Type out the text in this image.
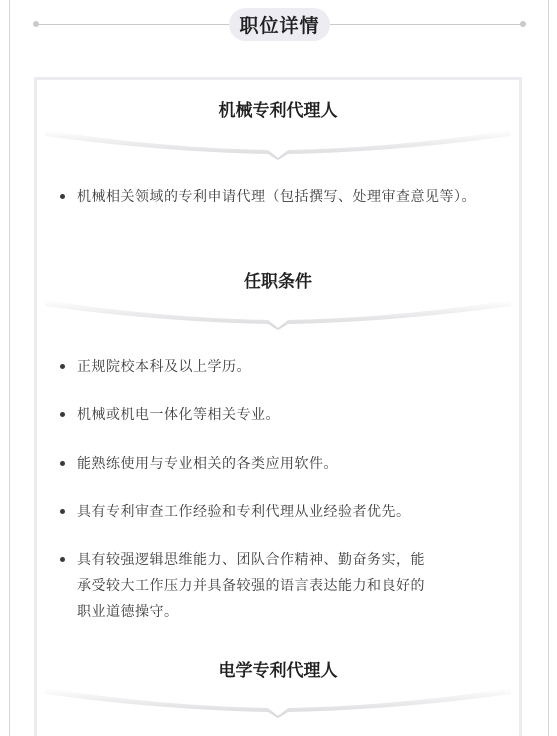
职位详情
机械专利代理人
机械相关领域的专利申请代理（包括撰写、处理审查意见等）。
任职条件
正规院校本科及以上学历。
机械或机电一体化等相关专业。
能熟练使用与专业相关的各类应用软件。
具有专利审查工作经验和专利代理从业经验者优先。
具有较强逻辑思维能力、团队合作精神、勤奋务实，能承受较大工作压力并具备较强的语言表达能力和良好的职业道德操守。
电学专利代理人
